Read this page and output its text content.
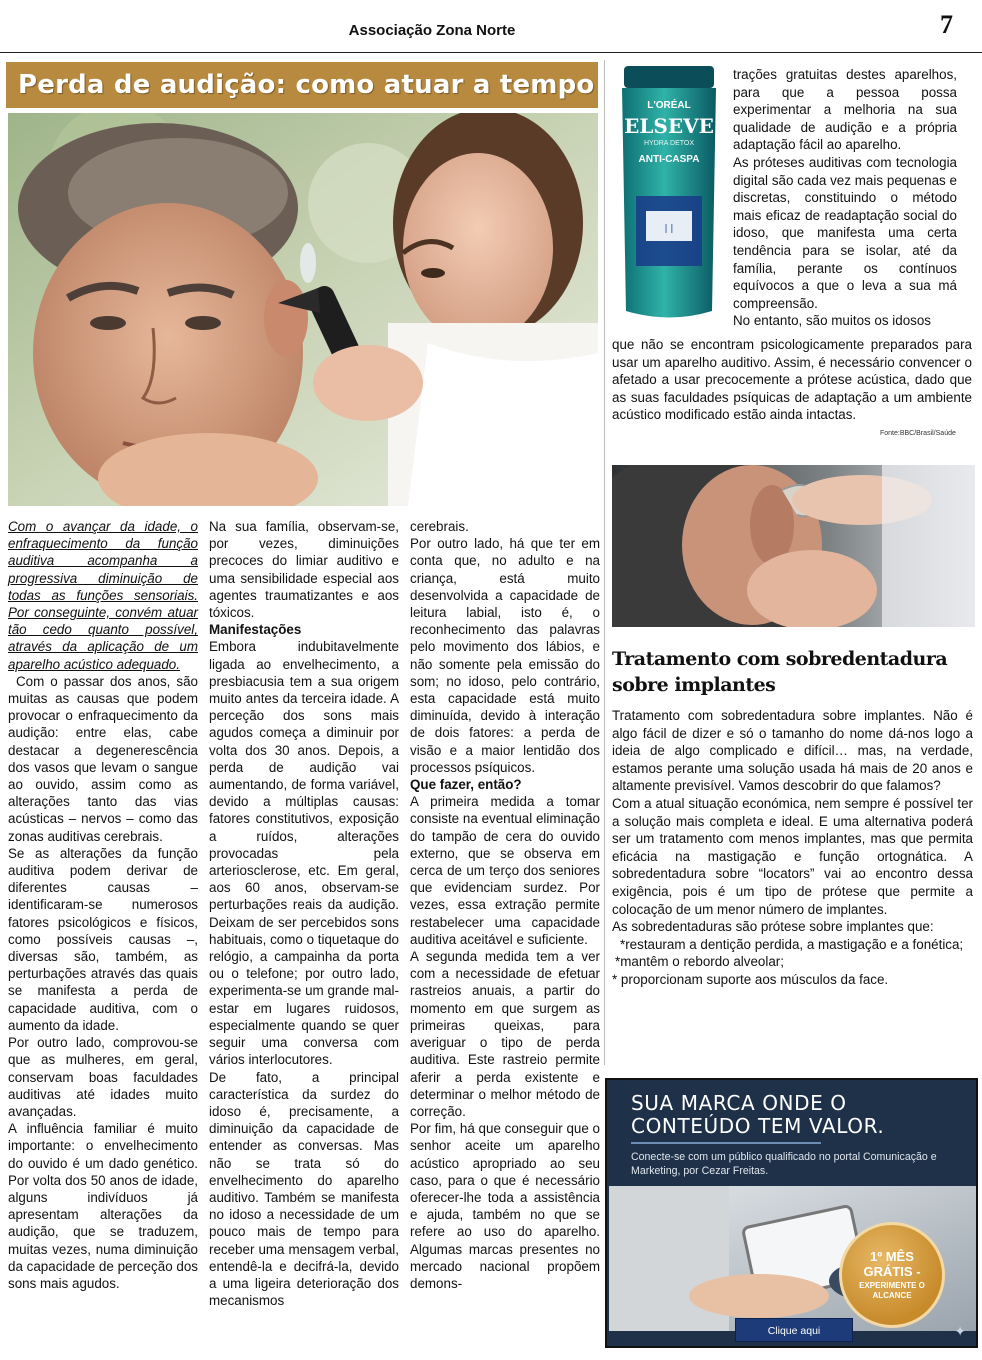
Associação Zona Norte	7
Perda de audição: como atuar a tempo

Com o avançar da idade, o enfraquecimento da função auditiva acompanha a progressiva diminuição de todas as funções sensoriais. Por conseguinte, convém atuar tão cedo quanto possível, através da aplicação de um aparelho acústico adequado.

Com o passar dos anos, são muitas as causas que podem provocar o enfraquecimento da audição: entre elas, cabe destacar a degenerescência dos vasos que levam o sangue ao ouvido, assim como as alterações tanto das vias acústicas – nervos – como das zonas auditivas cerebrais.

Se as alterações da função auditiva podem derivar de diferentes causas – identificaram-se numerosos fatores psicológicos e físicos, como possíveis causas –, diversas são, também, as perturbações através das quais se manifesta a perda de capacidade auditiva, com o aumento da idade.

Por outro lado, comprovou-se que as mulheres, em geral, conservam boas faculdades auditivas até idades muito avançadas.

A influência familiar é muito importante: o envelhecimento do ouvido é um dado genético. Por volta dos 50 anos de idade, alguns indivíduos já apresentam alterações da audição, que se traduzem, muitas vezes, numa diminuição da capacidade de perceção dos sons mais agudos.

Na sua família, observam-se, por vezes, diminuições precoces do limiar auditivo e uma sensibilidade especial aos agentes traumatizantes e aos tóxicos.

Manifestações

Embora indubitavelmente ligada ao envelhecimento, a presbiacusia tem a sua origem muito antes da terceira idade. A perceção dos sons mais agudos começa a diminuir por volta dos 30 anos. Depois, a perda de audição vai aumentando, de forma variável, devido a múltiplas causas: fatores constitutivos, exposição a ruídos, alterações provocadas pela arteriosclerose, etc. Em geral, aos 60 anos, observam-se perturbações reais da audição. Deixam de ser percebidos sons habituais, como o tiquetaque do relógio, a campainha da porta ou o telefone; por outro lado, experimenta-se um grande mal-estar em lugares ruidosos, especialmente quando se quer seguir uma conversa com vários interlocutores.

De fato, a principal característica da surdez do idoso é, precisamente, a diminuição da capacidade de entender as conversas. Mas não se trata só do envelhecimento do aparelho auditivo. Também se manifesta no idoso a necessidade de um pouco mais de tempo para receber uma mensagem verbal, entendê-la e decifrá-la, devido a uma ligeira deterioração dos mecanismos

cerebrais.

Por outro lado, há que ter em conta que, no adulto e na criança, está muito desenvolvida a capacidade de leitura labial, isto é, o reconhecimento das palavras pelo movimento dos lábios, e não somente pela emissão do som; no idoso, pelo contrário, esta capacidade está muito diminuída, devido à interação de dois fatores: a perda de visão e a maior lentidão dos processos psíquicos.

Que fazer, então?

A primeira medida a tomar consiste na eventual eliminação do tampão de cera do ouvido externo, que se observa em cerca de um terço dos seniores que evidenciam surdez. Por vezes, essa extração permite restabelecer uma capacidade auditiva aceitável e suficiente.

A segunda medida tem a ver com a necessidade de efetuar rastreios anuais, a partir do momento em que surgem as primeiras queixas, para averiguar o tipo de perda auditiva. Este rastreio permite aferir a perda existente e determinar o melhor método de correção.

Por fim, há que conseguir que o senhor aceite um aparelho acústico apropriado ao seu caso, para o que é necessário oferecer-lhe toda a assistência e ajuda, também no que se refere ao uso do aparelho. Algumas marcas presentes no mercado nacional propõem demons-

| |
L'ORÉAL
ELSEVE
HYDRA DETOX
ANTI-CASPA

trações gratuitas destes aparelhos, para que a pessoa possa experimentar a melhoria na sua qualidade de audição e a própria adaptação fácil ao aparelho.

As próteses auditivas com tecnologia digital são cada vez mais pequenas e discretas, constituindo o método mais eficaz de readaptação social do idoso, que manifesta uma certa tendência para se isolar, até da família, perante os contínuos equívocos a que o leva a sua má compreensão.

No entanto, são muitos os idosos

que não se encontram psicologicamente preparados para usar um aparelho auditivo. Assim, é necessário convencer o afetado a usar precocemente a prótese acústica, dado que as suas faculdades psíquicas de adaptação a um ambiente acústico modificado estão ainda intactas.

Fonte:BBC/Brasil/Saúde
Tratamento com sobredentadura sobre implantes

Tratamento com sobredentadura sobre implantes. Não é algo fácil de dizer e só o tamanho do nome dá-nos logo a ideia de algo complicado e difícil… mas, na verdade, estamos perante uma solução usada há mais de 20 anos e altamente previsível. Vamos descobrir do que falamos?

Com a atual situação económica, nem sempre é possível ter a solução mais completa e ideal. E uma alternativa poderá ser um tratamento com menos implantes, mas que permita eficácia na mastigação e função ortognática. A sobredentadura sobre “locators” vai ao encontro dessa exigência, pois é um tipo de prótese que permite a colocação de um menor número de implantes.

As sobredentaduras são prótese sobre implantes que:

*restauram a dentição perdida, a mastigação e a fonética;

*mantêm o rebordo alveolar;

* proporcionam suporte aos músculos da face.

SUA MARCA ONDE O CONTEÚDO TEM VALOR.
Conecte-se com um público qualificado no portal Comunicação e Marketing, por Cezar Freitas.
1º MÊS
GRÁTIS -
EXPERIMENTE O ALCANCE
Clique aqui	✦
